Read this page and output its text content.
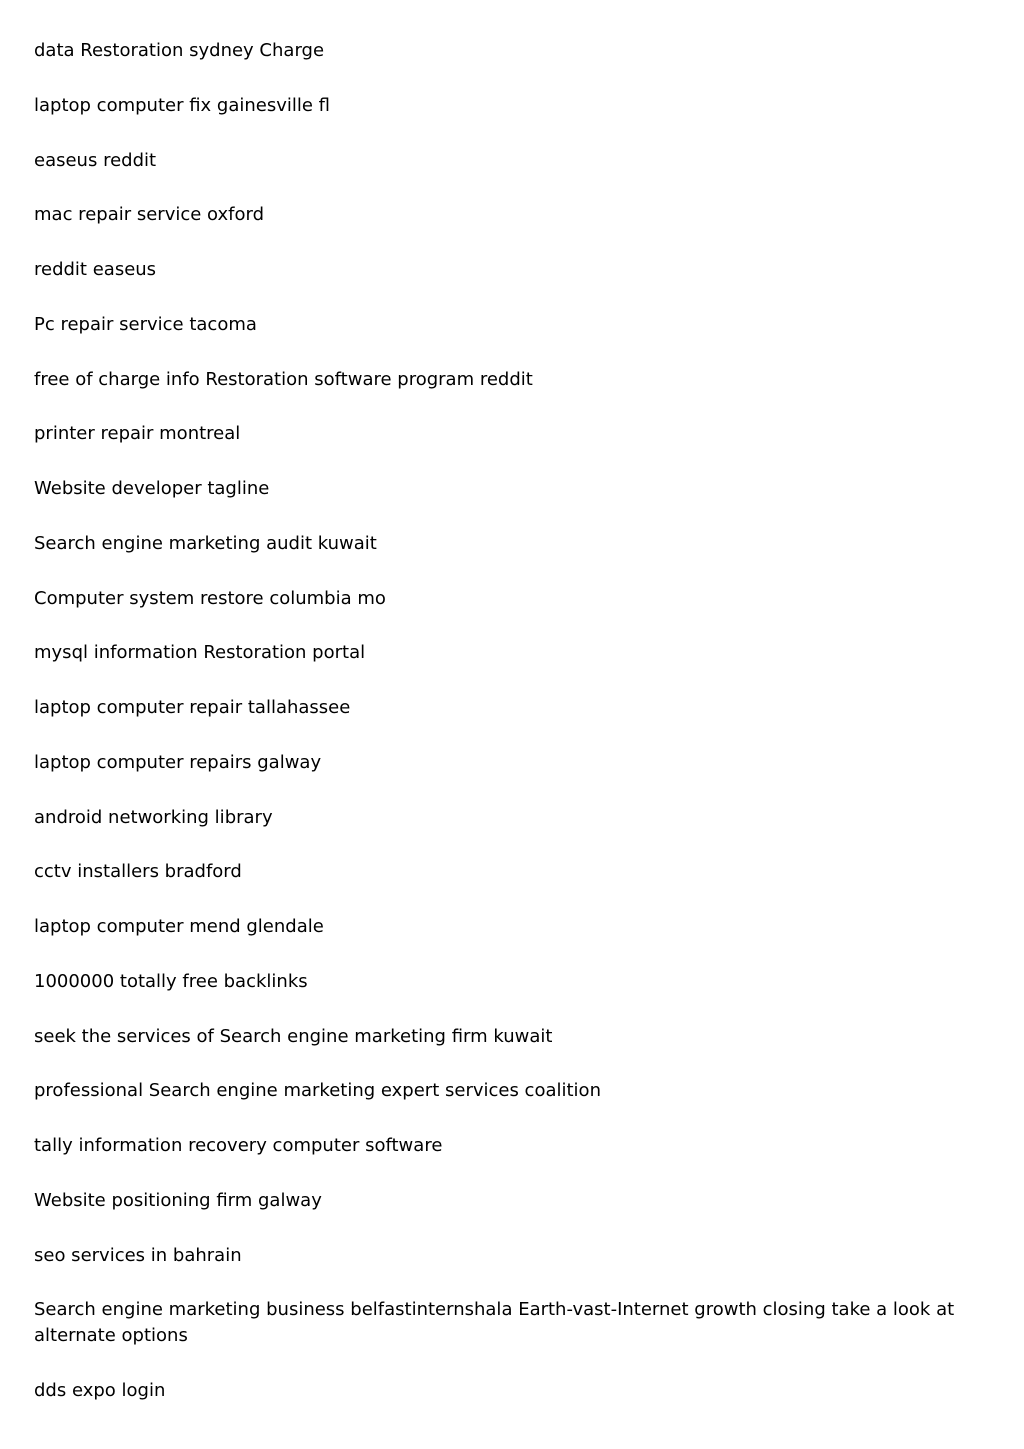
data Restoration sydney Charge
laptop computer fix gainesville fl
easeus reddit
mac repair service oxford
reddit easeus
Pc repair service tacoma
free of charge info Restoration software program reddit
printer repair montreal
Website developer tagline
Search engine marketing audit kuwait
Computer system restore columbia mo
mysql information Restoration portal
laptop computer repair tallahassee
laptop computer repairs galway
android networking library
cctv installers bradford
laptop computer mend glendale
1000000 totally free backlinks
seek the services of Search engine marketing firm kuwait
professional Search engine marketing expert services coalition
tally information recovery computer software
Website positioning firm galway
seo services in bahrain
Search engine marketing business belfastinternshala Earth-vast-Internet growth closing take a look at alternate options
dds expo login
